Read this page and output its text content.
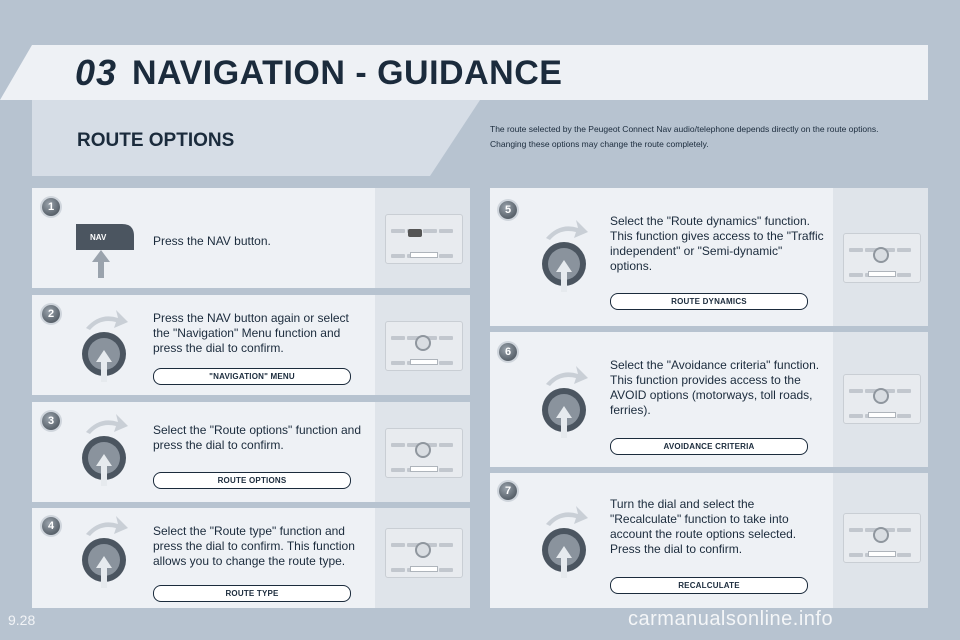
03 NAVIGATION - GUIDANCE
ROUTE OPTIONS

The route selected by the Peugeot Connect Nav audio/telephone depends directly on the route options.

Changing these options may change the route completely.

1
NAV	Press the NAV button.
2	Press the NAV button again or select the "Navigation" Menu function and press the dial to confirm.
"NAVIGATION" MENU
3
Select the "Route options" function and press the dial to confirm.
ROUTE OPTIONS
4	Select the "Route type" function and press the dial to confirm. This function allows you to change the route type.
ROUTE TYPE
5
Select the "Route dynamics" function. This function gives access to the "Traffic independent" or "Semi-dynamic" options.
ROUTE DYNAMICS
6
Select the "Avoidance criteria" function. This function provides access to the AVOID options (motorways, toll roads, ferries).
AVOIDANCE CRITERIA
7
Turn the dial and select the "Recalculate" function to take into account the route options selected. Press the dial to confirm.
RECALCULATE
9.28	carmanualsonline.info
